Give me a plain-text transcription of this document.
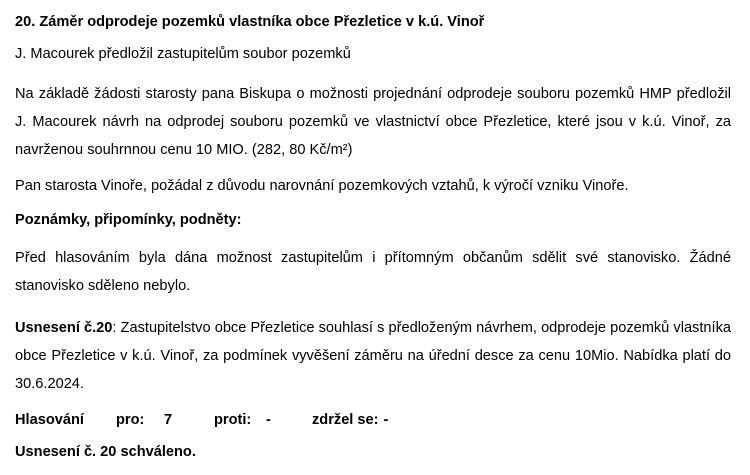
20. Záměr odprodeje pozemků vlastníka obce Přezletice v k.ú. Vinoř

J. Macourek předložil zastupitelům soubor pozemků

Na základě žádosti starosty pana Biskupa o možnosti projednání odprodeje souboru pozemků HMP předložil J. Macourek návrh na odprodej souboru pozemků ve vlastnictví obce Přezletice, které jsou v k.ú. Vinoř, za navrženou souhrnnou cenu 10 MIO. (282, 80 Kč/m²)

Pan starosta Vinoře, požádal z důvodu narovnání pozemkových vztahů, k výročí vzniku Vinoře.

Poznámky, připomínky, podněty:

Před hlasováním byla dána možnost zastupitelům i přítomným občanům sdělit své stanovisko. Žádné stanovisko sděleno nebylo.

Usnesení č.20: Zastupitelstvo obce Přezletice souhlasí s předloženým návrhem, odprodeje pozemků vlastníka obce Přezletice v k.ú. Vinoř, za podmínek vyvěšení záměru na úřední desce za cenu 10Mio. Nabídka platí do 30.6.2024.

Hlasování	pro:	7	proti:	-	zdržel se: -

Usnesení č. 20 schváleno.
